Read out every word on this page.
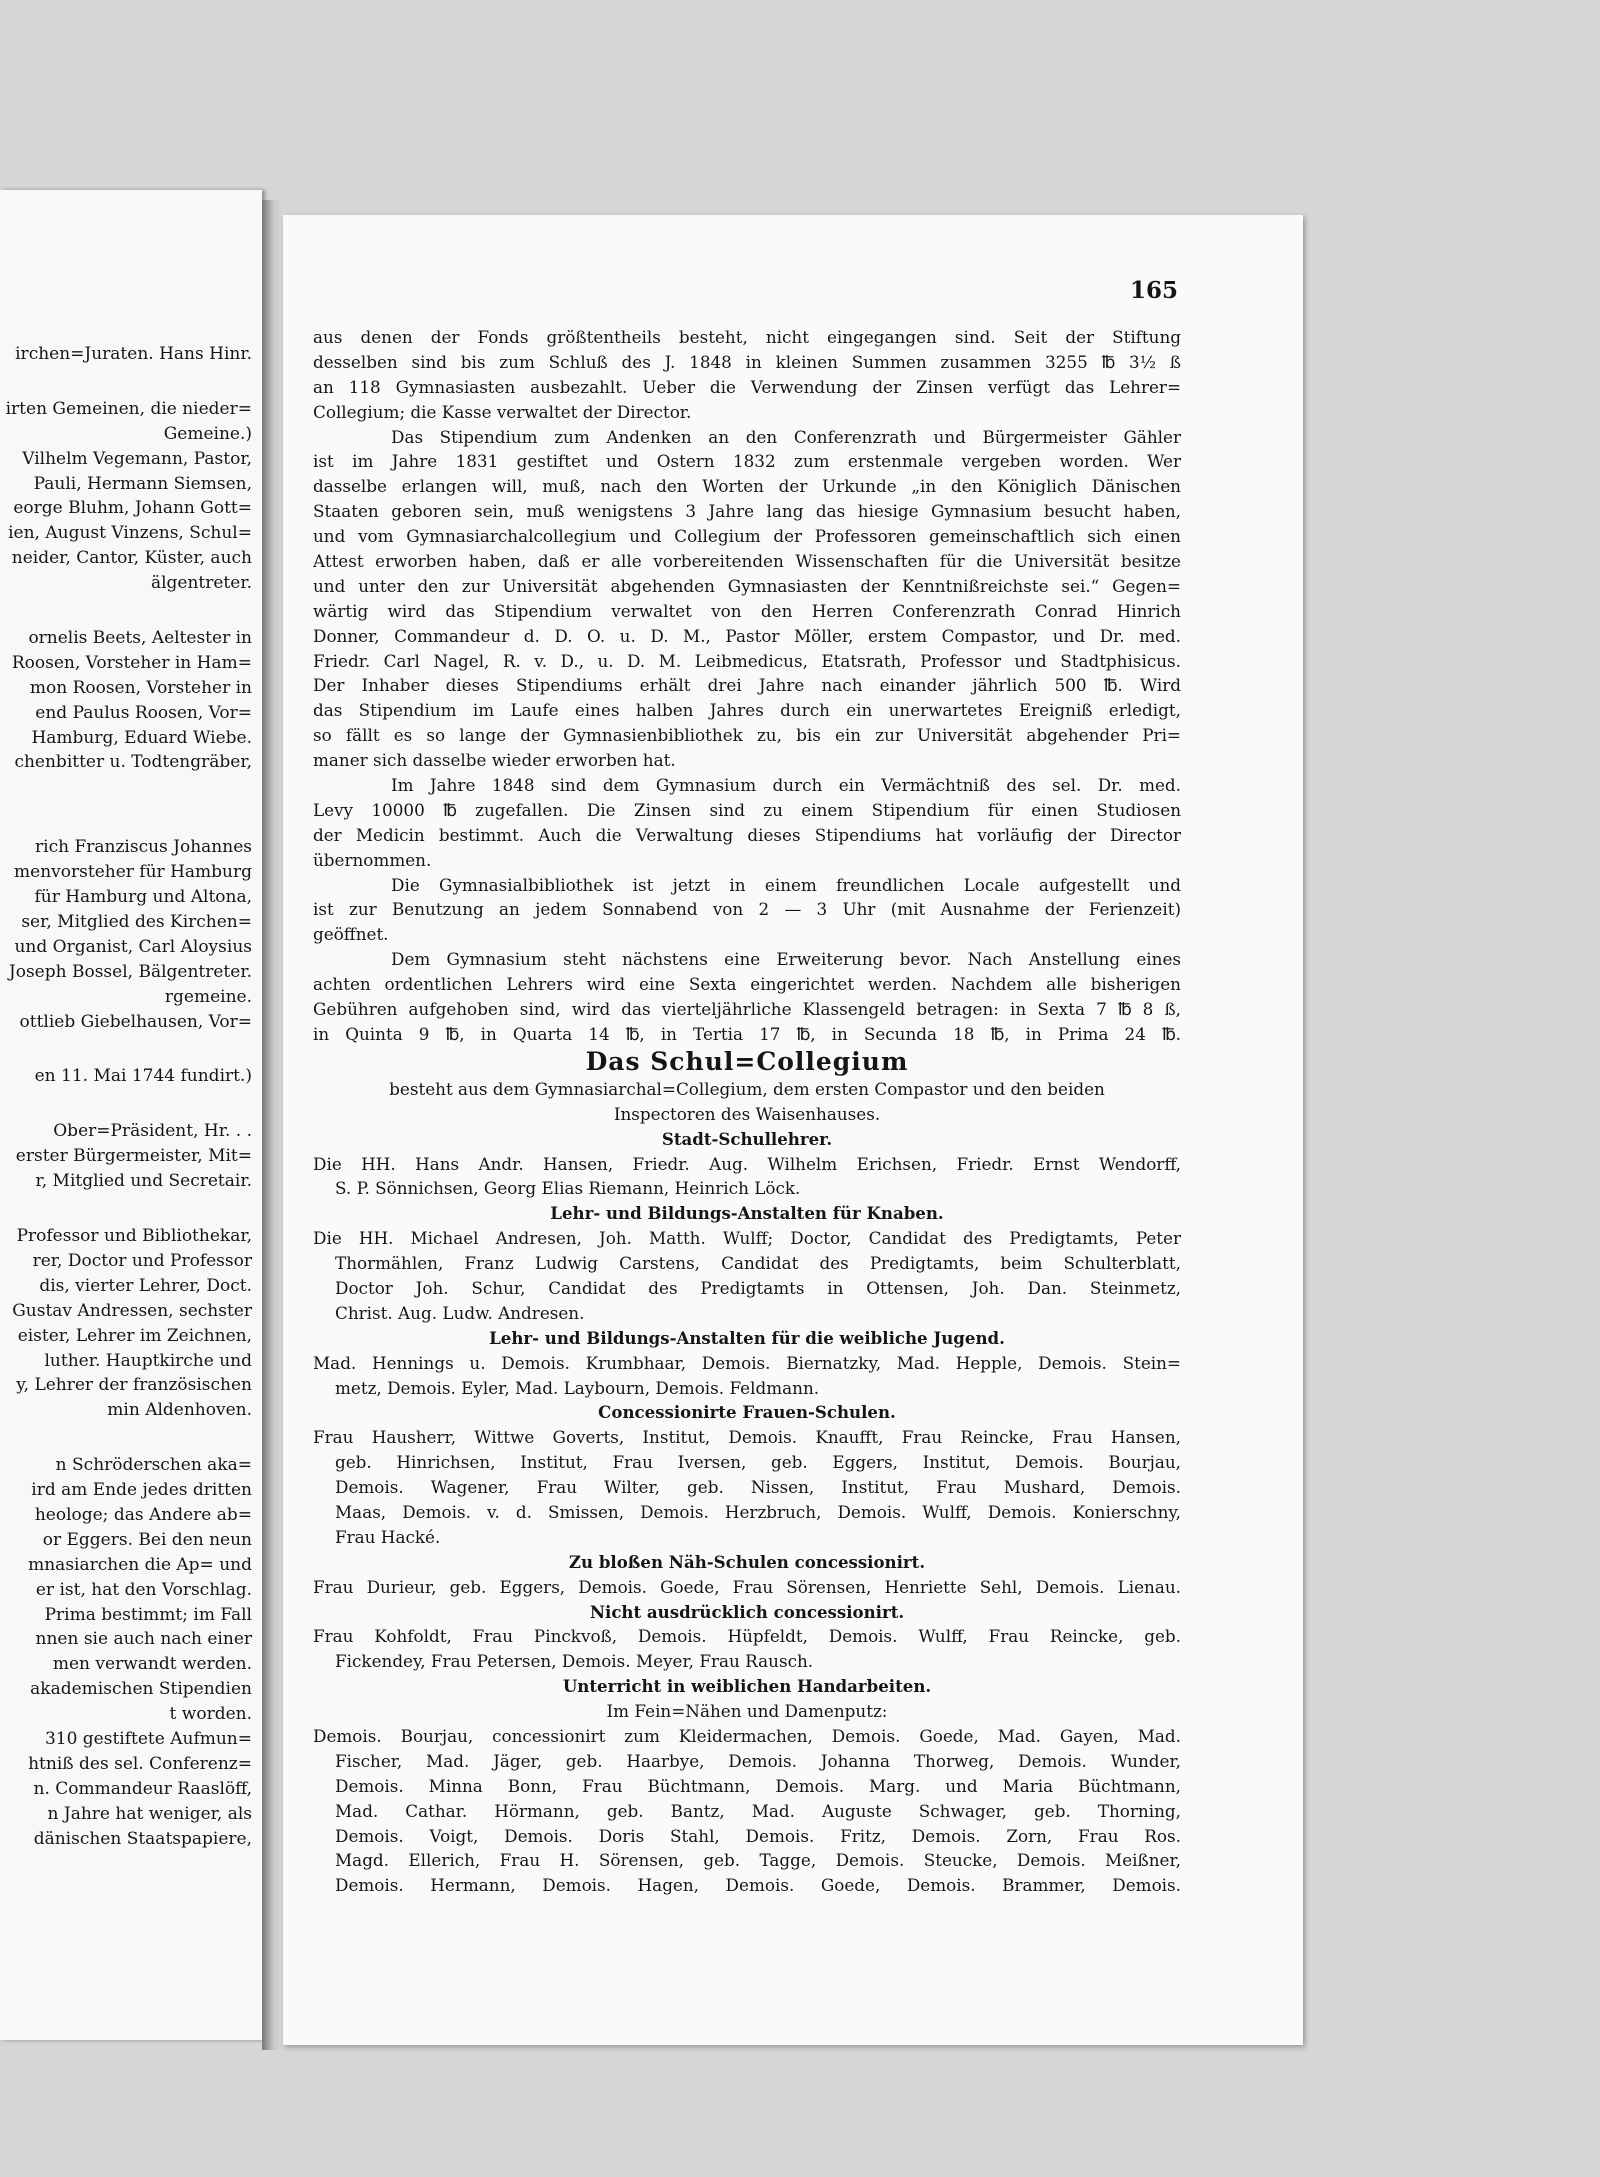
irchen=Juraten. Hans Hinr.
irten Gemeinen, die nieder=
Gemeine.)
Vilhelm Vegemann, Pastor,
Pauli, Hermann Siemsen,
eorge Bluhm, Johann Gott=
ien, August Vinzens, Schul=
neider, Cantor, Küster, auch
älgentreter.
ornelis Beets, Aeltester in
Roosen, Vorsteher in Ham=
mon Roosen, Vorsteher in
end Paulus Roosen, Vor=
Hamburg, Eduard Wiebe.
chenbitter u. Todtengräber,
rich Franziscus Johannes
menvorsteher für Hamburg
für Hamburg und Altona,
ser, Mitglied des Kirchen=
und Organist, Carl Aloysius
Joseph Bossel, Bälgentreter.
rgemeine.
ottlieb Giebelhausen, Vor=
en 11. Mai 1744 fundirt.)
Ober=Präsident, Hr. . .
erster Bürgermeister, Mit=
r, Mitglied und Secretair.
Professor und Bibliothekar,
rer, Doctor und Professor
dis, vierter Lehrer, Doct.
Gustav Andressen, sechster
eister, Lehrer im Zeichnen,
luther. Hauptkirche und
y, Lehrer der französischen
min Aldenhoven.
n Schröderschen aka=
ird am Ende jedes dritten
heologe; das Andere ab=
or Eggers. Bei den neun
mnasiarchen die Ap= und
er ist, hat den Vorschlag.
Prima bestimmt; im Fall
nnen sie auch nach einer
men verwandt werden.
akademischen Stipendien
t worden.
310 gestiftete Aufmun=
htniß des sel. Conferenz=
n. Commandeur Raaslöff,
n Jahre hat weniger, als
dänischen Staatspapiere,
165
aus denen der Fonds größtentheils besteht, nicht eingegangen sind. Seit der Stiftung
desselben sind bis zum Schluß des J. 1848 in kleinen Summen zusammen 3255 ℔ 3½ ß
an 118 Gymnasiasten ausbezahlt. Ueber die Verwendung der Zinsen verfügt das Lehrer=
Collegium; die Kasse verwaltet der Director.
Das Stipendium zum Andenken an den Conferenzrath und Bürgermeister Gähler
ist im Jahre 1831 gestiftet und Ostern 1832 zum erstenmale vergeben worden. Wer
dasselbe erlangen will, muß, nach den Worten der Urkunde „in den Königlich Dänischen
Staaten geboren sein, muß wenigstens 3 Jahre lang das hiesige Gymnasium besucht haben,
und vom Gymnasiarchalcollegium und Collegium der Professoren gemeinschaftlich sich einen
Attest erworben haben, daß er alle vorbereitenden Wissenschaften für die Universität besitze
und unter den zur Universität abgehenden Gymnasiasten der Kenntnißreichste sei.“ Gegen=
wärtig wird das Stipendium verwaltet von den Herren Conferenzrath Conrad Hinrich
Donner, Commandeur d. D. O. u. D. M., Pastor Möller, erstem Compastor, und Dr. med.
Friedr. Carl Nagel, R. v. D., u. D. M. Leibmedicus, Etatsrath, Professor und Stadtphisicus.
Der Inhaber dieses Stipendiums erhält drei Jahre nach einander jährlich 500 ℔. Wird
das Stipendium im Laufe eines halben Jahres durch ein unerwartetes Ereigniß erledigt,
so fällt es so lange der Gymnasienbibliothek zu, bis ein zur Universität abgehender Pri=
maner sich dasselbe wieder erworben hat.
Im Jahre 1848 sind dem Gymnasium durch ein Vermächtniß des sel. Dr. med.
Levy 10000 ℔ zugefallen. Die Zinsen sind zu einem Stipendium für einen Studiosen
der Medicin bestimmt. Auch die Verwaltung dieses Stipendiums hat vorläufig der Director
übernommen.
Die Gymnasialbibliothek ist jetzt in einem freundlichen Locale aufgestellt und
ist zur Benutzung an jedem Sonnabend von 2 — 3 Uhr (mit Ausnahme der Ferienzeit)
geöffnet.
Dem Gymnasium steht nächstens eine Erweiterung bevor. Nach Anstellung eines
achten ordentlichen Lehrers wird eine Sexta eingerichtet werden. Nachdem alle bisherigen
Gebühren aufgehoben sind, wird das vierteljährliche Klassengeld betragen: in Sexta 7 ℔ 8 ß,
in Quinta 9 ℔, in Quarta 14 ℔, in Tertia 17 ℔, in Secunda 18 ℔, in Prima 24 ℔.
Das Schul=Collegium
besteht aus dem Gymnasiarchal=Collegium, dem ersten Compastor und den beiden
Inspectoren des Waisenhauses.
Stadt-Schullehrer.
Die HH. Hans Andr. Hansen, Friedr. Aug. Wilhelm Erichsen, Friedr. Ernst Wendorff,
S. P. Sönnichsen, Georg Elias Riemann, Heinrich Löck.
Lehr- und Bildungs-Anstalten für Knaben.
Die HH. Michael Andresen, Joh. Matth. Wulff; Doctor, Candidat des Predigtamts, Peter
Thormählen, Franz Ludwig Carstens, Candidat des Predigtamts, beim Schulterblatt,
Doctor Joh. Schur, Candidat des Predigtamts in Ottensen, Joh. Dan. Steinmetz,
Christ. Aug. Ludw. Andresen.
Lehr- und Bildungs-Anstalten für die weibliche Jugend.
Mad. Hennings u. Demois. Krumbhaar, Demois. Biernatzky, Mad. Hepple, Demois. Stein=
metz, Demois. Eyler, Mad. Laybourn, Demois. Feldmann.
Concessionirte Frauen-Schulen.
Frau Hausherr, Wittwe Goverts, Institut, Demois. Knaufft, Frau Reincke, Frau Hansen,
geb. Hinrichsen, Institut, Frau Iversen, geb. Eggers, Institut, Demois. Bourjau,
Demois. Wagener, Frau Wilter, geb. Nissen, Institut, Frau Mushard, Demois.
Maas, Demois. v. d. Smissen, Demois. Herzbruch, Demois. Wulff, Demois. Konierschny,
Frau Hacké.
Zu bloßen Näh-Schulen concessionirt.
Frau Durieur, geb. Eggers, Demois. Goede, Frau Sörensen, Henriette Sehl, Demois. Lienau.
Nicht ausdrücklich concessionirt.
Frau Kohfoldt, Frau Pinckvoß, Demois. Hüpfeldt, Demois. Wulff, Frau Reincke, geb.
Fickendey, Frau Petersen, Demois. Meyer, Frau Rausch.
Unterricht in weiblichen Handarbeiten.
Im Fein=Nähen und Damenputz:
Demois. Bourjau, concessionirt zum Kleidermachen, Demois. Goede, Mad. Gayen, Mad.
Fischer, Mad. Jäger, geb. Haarbye, Demois. Johanna Thorweg, Demois. Wunder,
Demois. Minna Bonn, Frau Büchtmann, Demois. Marg. und Maria Büchtmann,
Mad. Cathar. Hörmann, geb. Bantz, Mad. Auguste Schwager, geb. Thorning,
Demois. Voigt, Demois. Doris Stahl, Demois. Fritz, Demois. Zorn, Frau Ros.
Magd. Ellerich, Frau H. Sörensen, geb. Tagge, Demois. Steucke, Demois. Meißner,
Demois. Hermann, Demois. Hagen, Demois. Goede, Demois. Brammer, Demois.
